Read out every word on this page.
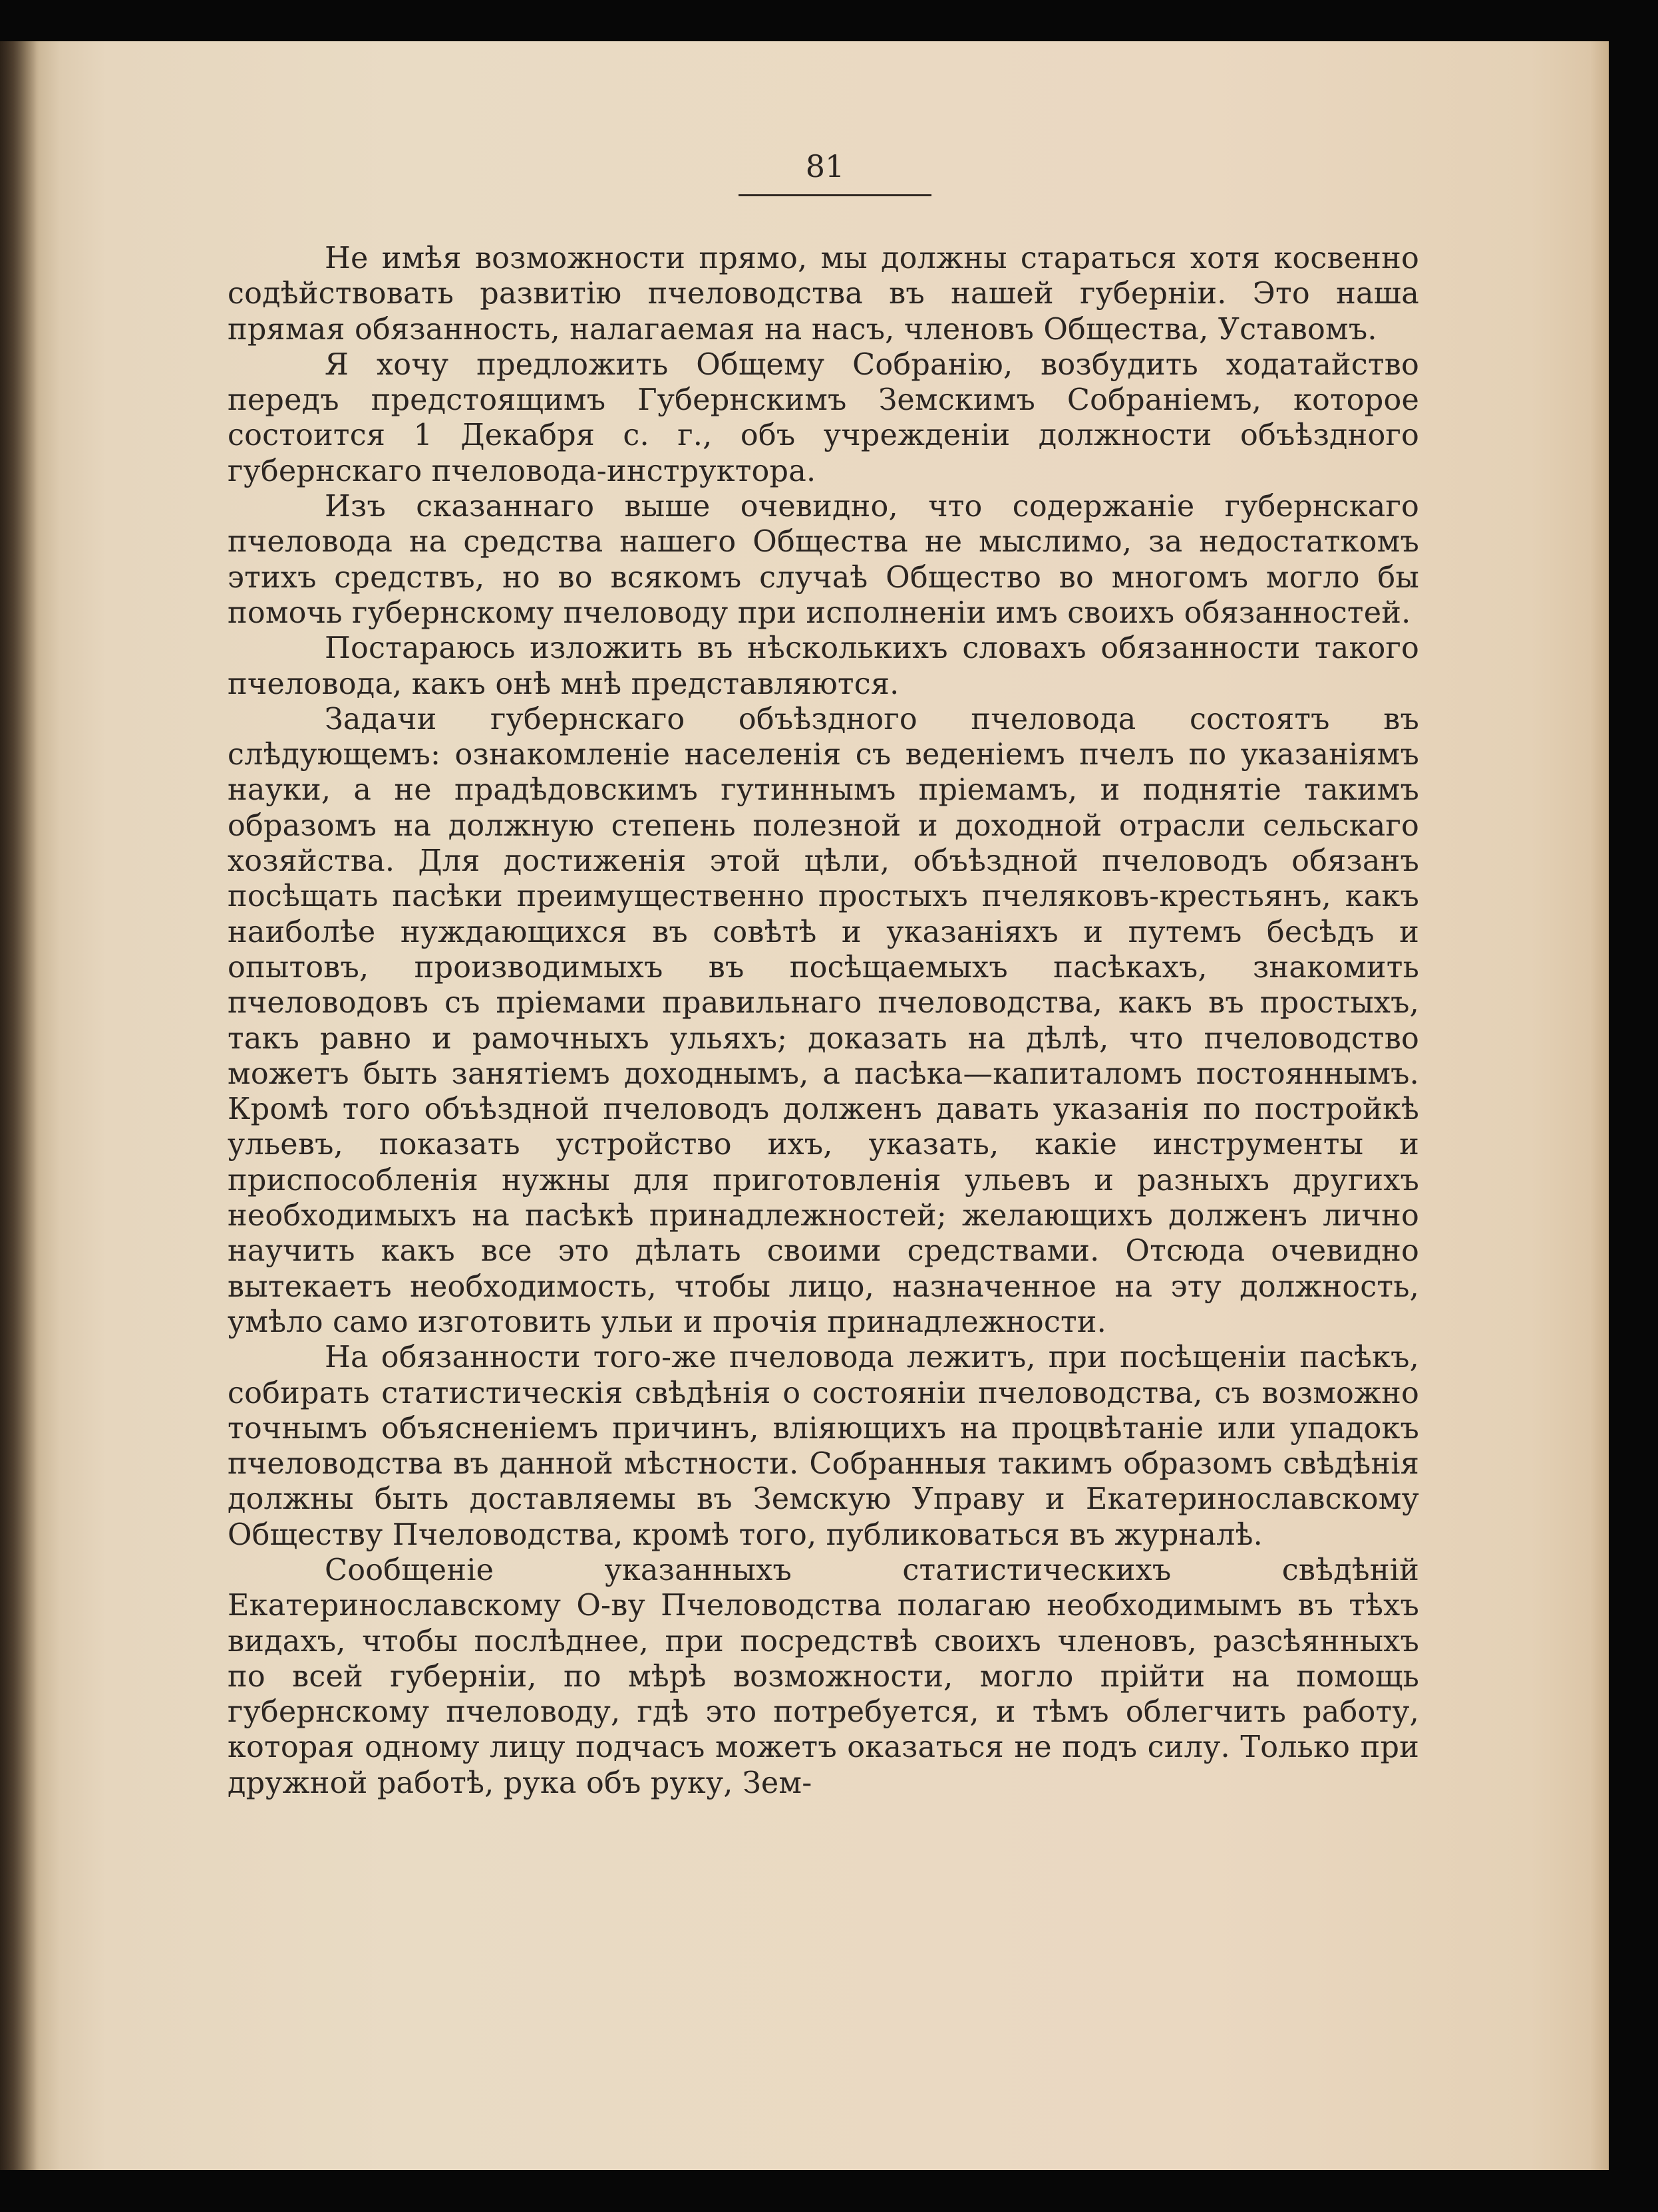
81

Не имѣя возможности прямо, мы должны стараться хотя косвенно содѣйствовать развитію пчеловодства въ нашей губерніи. Это наша прямая обязанность, налагаемая на насъ, членовъ Общества, Уставомъ.

Я хочу предложить Общему Собранію, возбудить ходатайство передъ предстоящимъ Губернскимъ Земскимъ Собраніемъ, которое состоится 1 Декабря с. г., объ учрежденіи должности объѣздного губернскаго пчеловода-инструктора.

Изъ сказаннаго выше очевидно, что содержаніе губернскаго пчеловода на средства нашего Общества не мыслимо, за недостаткомъ этихъ средствъ, но во всякомъ случаѣ Общество во многомъ могло бы помочь губернскому пчеловоду при исполненіи имъ своихъ обязанностей.

Постараюсь изложить въ нѣсколькихъ словахъ обязанности такого пчеловода, какъ онѣ мнѣ представляются.

Задачи губернскаго объѣздного пчеловода состоятъ въ слѣдующемъ: ознакомленіе населенія съ веденіемъ пчелъ по указаніямъ науки, а не прадѣдовскимъ гутиннымъ пріемамъ, и поднятіе такимъ образомъ на должную степень полезной и доходной отрасли сельскаго хозяйства. Для достиженія этой цѣли, объѣздной пчеловодъ обязанъ посѣщать пасѣки преимущественно простыхъ пчеляковъ-крестьянъ, какъ наиболѣе нуждающихся въ совѣтѣ и указаніяхъ и путемъ бесѣдъ и опытовъ, производимыхъ въ посѣщаемыхъ пасѣкахъ, знакомить пчеловодовъ съ пріемами правильнаго пчеловодства, какъ въ простыхъ, такъ равно и рамочныхъ ульяхъ; доказать на дѣлѣ, что пчеловодство можетъ быть занятіемъ доходнымъ, а пасѣка—капиталомъ постояннымъ. Кромѣ того объѣздной пчеловодъ долженъ давать указанія по постройкѣ ульевъ, показать устройство ихъ, указать, какіе инструменты и приспособленія нужны для приготовленія ульевъ и разныхъ другихъ необходимыхъ на пасѣкѣ принадлежностей; желающихъ долженъ лично научить какъ все это дѣлать своими средствами. Отсюда очевидно вытекаетъ необходимость, чтобы лицо, назначенное на эту должность, умѣло само изготовить ульи и прочія принадлежности.

На обязанности того-же пчеловода лежитъ, при посѣщеніи пасѣкъ, собирать статистическія свѣдѣнія о состояніи пчеловодства, съ возможно точнымъ объясненіемъ причинъ, вліяющихъ на процвѣтаніе или упадокъ пчеловодства въ данной мѣстности. Собранныя такимъ образомъ свѣдѣнія должны быть доставляемы въ Земскую Управу и Екатеринославскому Обществу Пчеловодства, кромѣ того, публиковаться въ журналѣ.

Сообщеніе указанныхъ статистическихъ свѣдѣній Екатеринославскому О-ву Пчеловодства полагаю необходимымъ въ тѣхъ видахъ, чтобы послѣднее, при посредствѣ своихъ членовъ, разсѣянныхъ по всей губерніи, по мѣрѣ возможности, могло прійти на помощь губернскому пчеловоду, гдѣ это потребуется, и тѣмъ облегчить работу, которая одному лицу подчасъ можетъ оказаться не подъ силу. Только при дружной работѣ, рука объ руку, Зем-
